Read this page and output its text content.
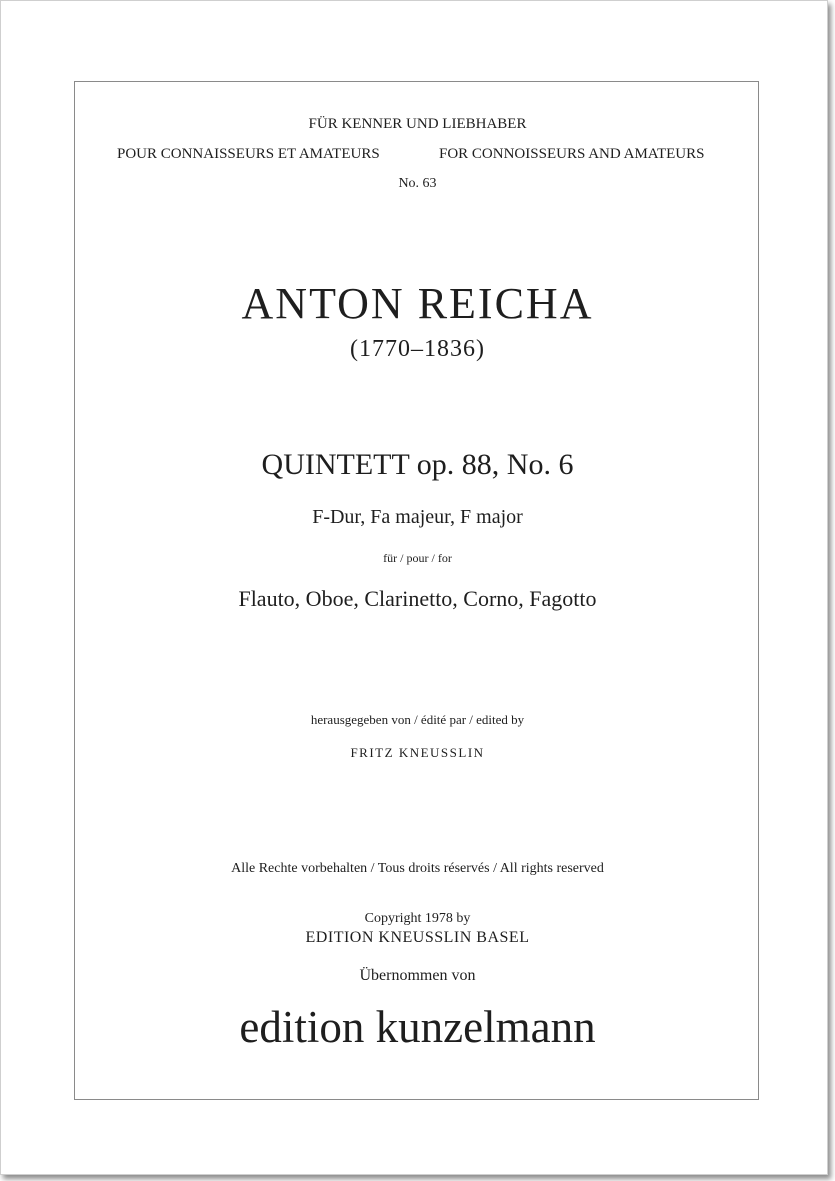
FÜR KENNER UND LIEBHABER
POUR CONNAISSEURS ET AMATEURS	FOR CONNOISSEURS AND AMATEURS
No. 63
ANTON REICHA
(1770–1836)
QUINTETT op. 88, No. 6
F-Dur, Fa majeur, F major
für / pour / for
Flauto, Oboe, Clarinetto, Corno, Fagotto
herausgegeben von / édité par / edited by
FRITZ KNEUSSLIN
Alle Rechte vorbehalten / Tous droits réservés / All rights reserved
Copyright 1978 by
EDITION KNEUSSLIN BASEL
Übernommen von
edition kunzelmann
